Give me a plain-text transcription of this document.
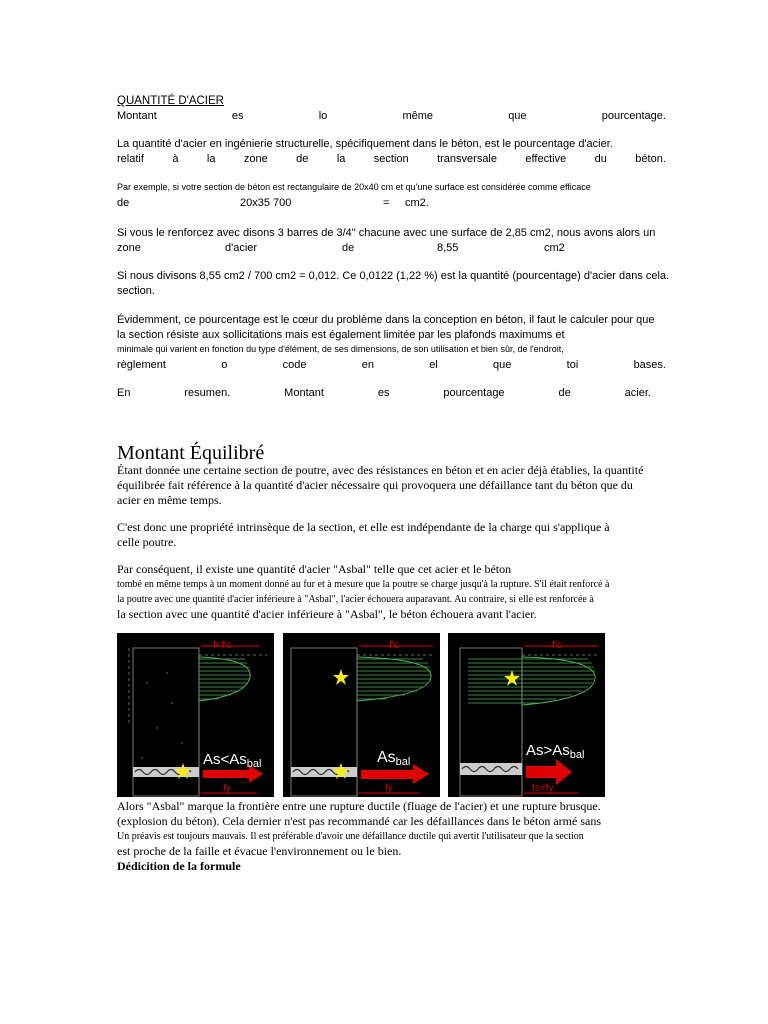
QUANTITÉ D'ACIER
Montant	es	lo	même	que	pourcentage.
La quantité d'acier en ingénierie structurelle, spécifiquement dans le béton, est le pourcentage d'acier.
relatif	à	la	zone	de	la	section	transversale	effective	du	béton.
Par exemple, si votre section de béton est rectangulaire de 20x40 cm et qu'une surface est considérée comme efficace
de	20x35 700	=	cm2.
Si vous le renforcez avec disons 3 barres de 3/4" chacune avec une surface de 2,85 cm2, nous avons alors un
zone	d'acier	de	8,55	cm2
Si nous divisons 8,55 cm2 / 700 cm2 = 0,012. Ce 0,0122 (1,22 %) est la quantité (pourcentage) d'acier dans cela.
section.
Évidemment, ce pourcentage est le cœur du problème dans la conception en béton, il faut le calculer pour que
la section résiste aux sollicitations mais est également limitée par les plafonds maximums et
minimale qui varient en fonction du type d'élément, de ses dimensions, de son utilisation et bien sûr, de l'endroit,
règlement	o	code	en	el	que	toi	bases.
En	resumen.	Montant	es	pourcentage	de	acier.
Montant Équilibré
Étant donnée une certaine section de poutre, avec des résistances en béton et en acier déjà établies, la quantité
équilibrée fait référence à la quantité d'acier nécessaire qui provoquera une défaillance tant du béton que du
acier en même temps.
C'est donc une propriété intrinsèque de la section, et elle est indépendante de la charge qui s'applique à
celle poutre.
Par conséquent, il existe une quantité d'acier "Asbal" telle que cet acier et le béton
tombé en même temps à un moment donné au fur et à mesure que la poutre se charge jusqu'à la rupture. S'il était renforcé à
la poutre avec une quantité d'acier inférieure à "Asbal", l'acier échouera auparavant. Au contraire, si elle est renforcée à
la section avec une quantité d'acier inférieure à "Asbal", le béton échouera avant l'acier.
f<f'c
$As<As_{bal}$
fy
f'c
Asbal
fy
f'c
$As>As_{bal}$
fs<fy
Alors "Asbal" marque la frontière entre une rupture ductile (fluage de l'acier) et une rupture brusque.
(explosion du béton). Cela dernier n'est pas recommandé car les défaillances dans le béton armé sans
Un préavis est toujours mauvais. Il est préférable d'avoir une défaillance ductile qui avertit l'utilisateur que la section
est proche de la faille et évacue l'environnement ou le bien.
Dédicition de la formule
